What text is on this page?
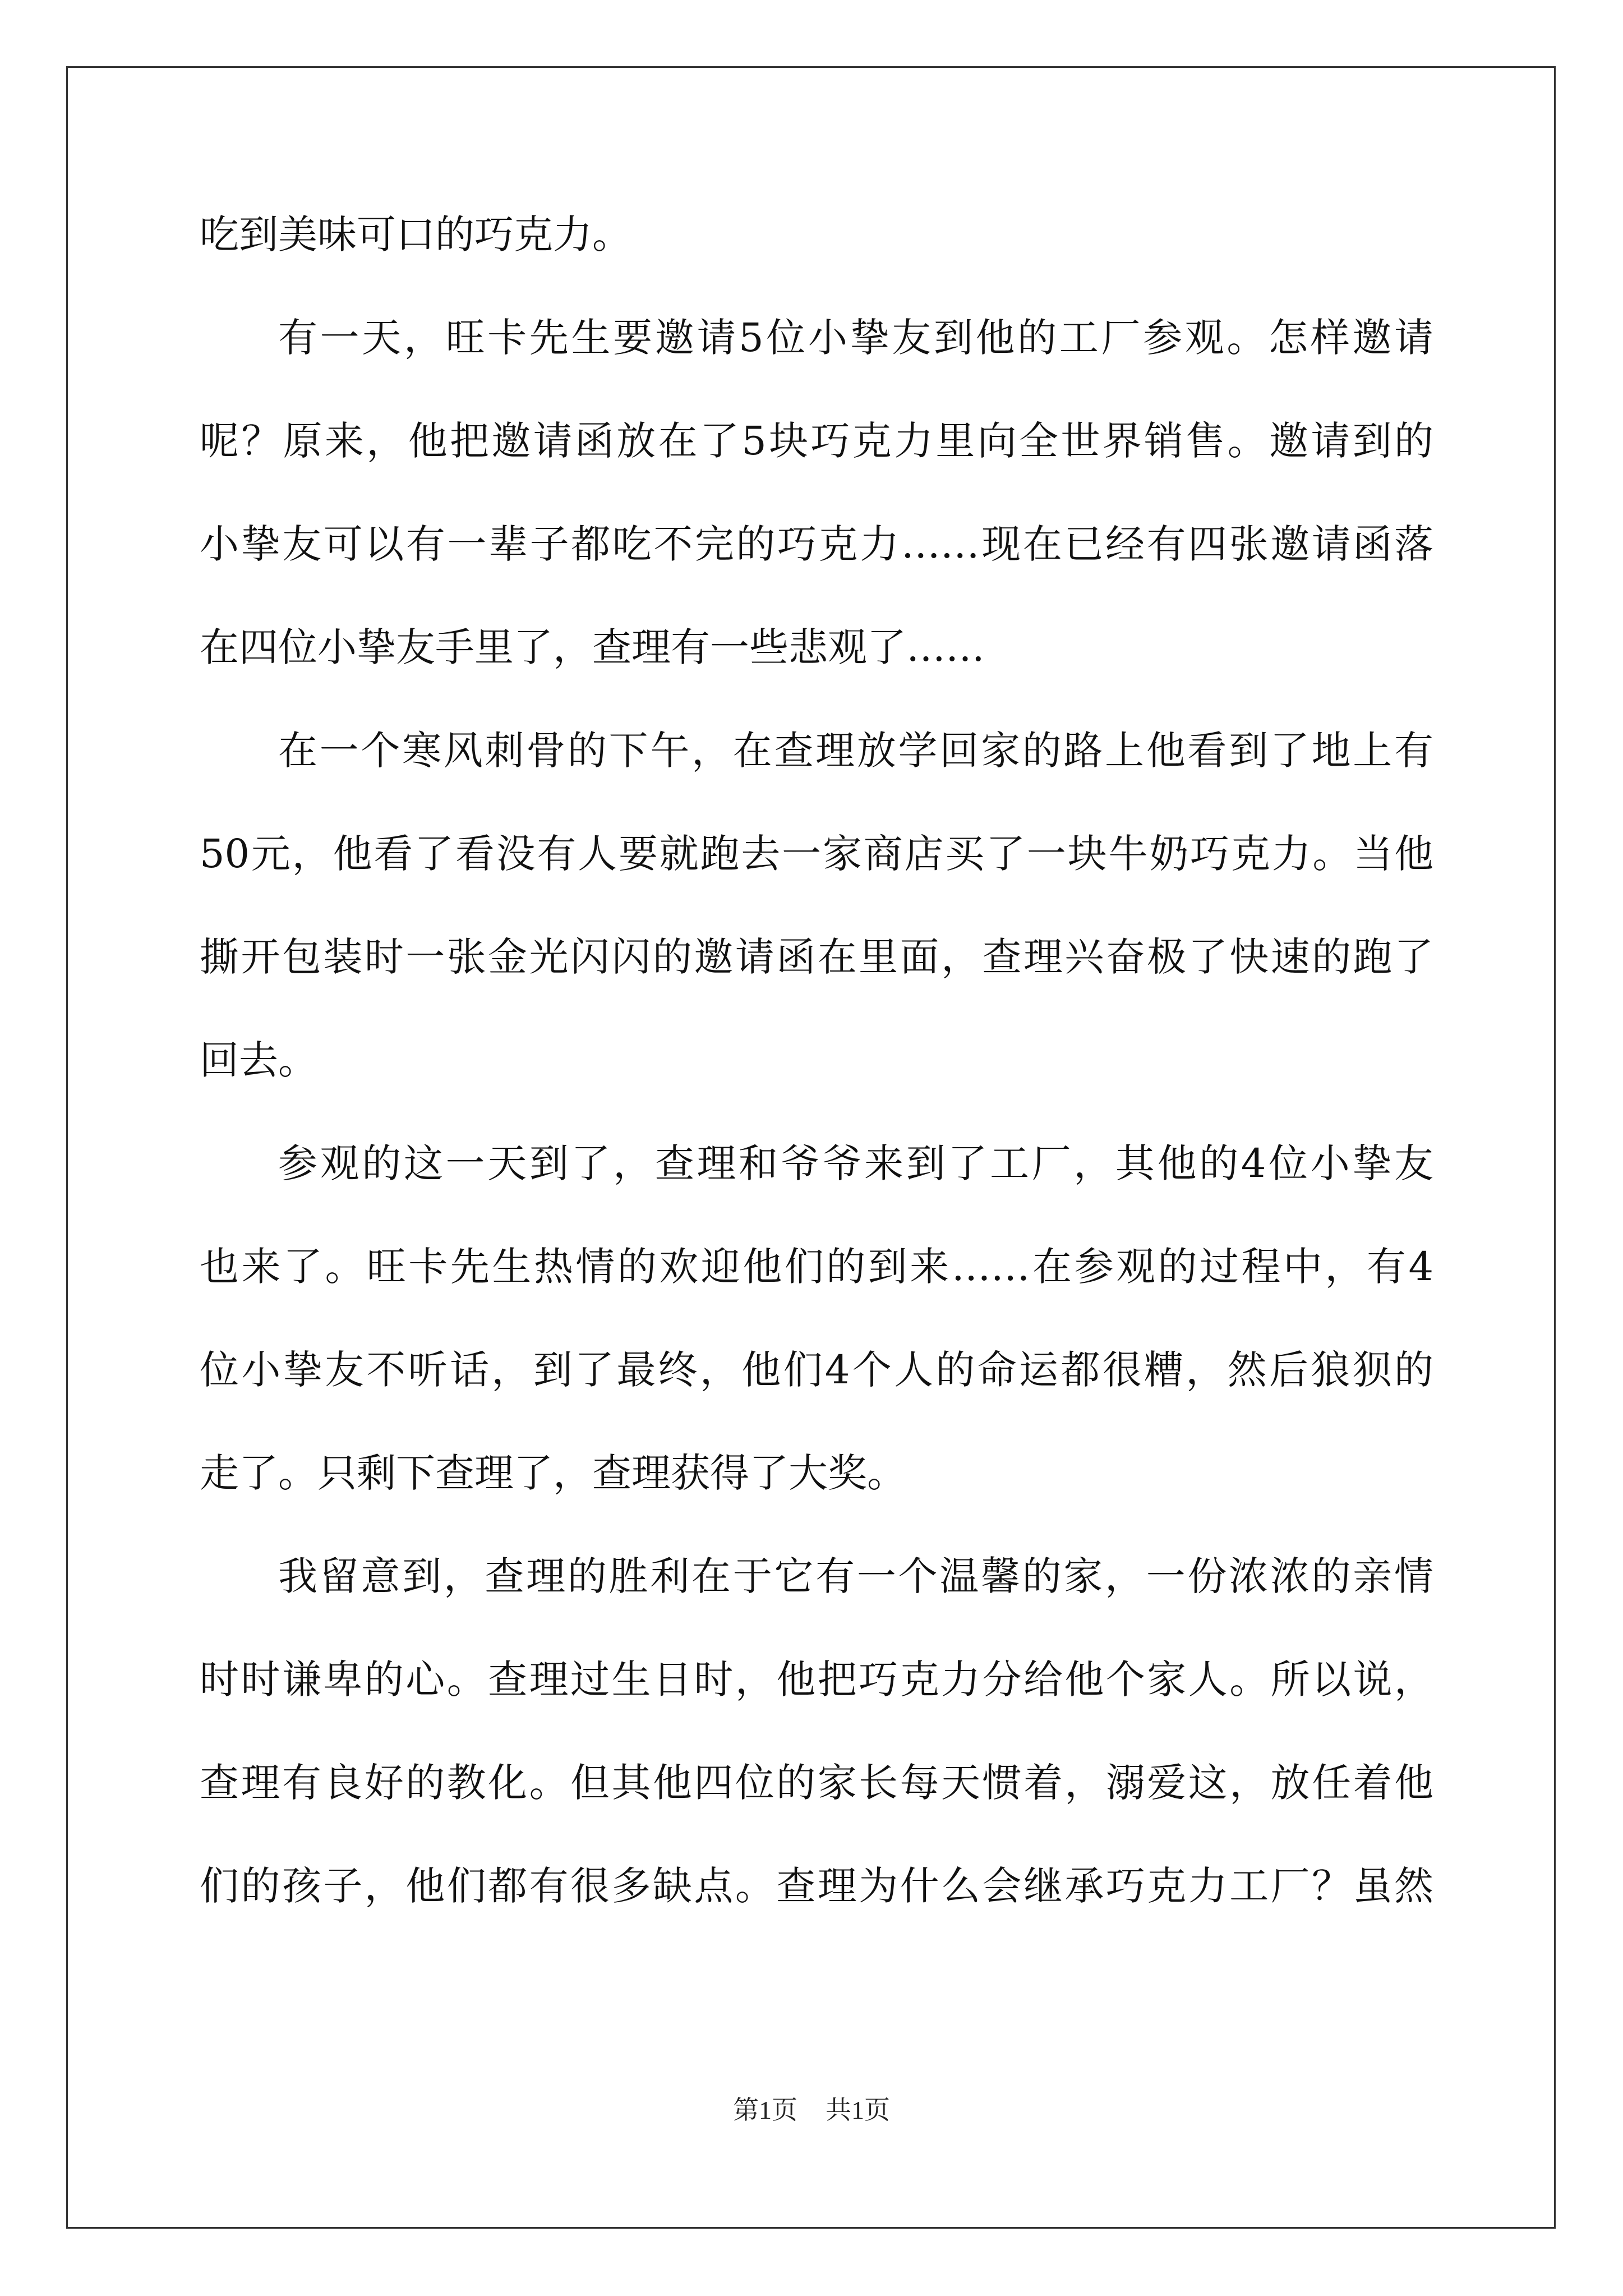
吃到美味可口的巧克力。
有一天，旺卡先生要邀请5位小挚友到他的工厂参观。怎样邀请
呢？原来，他把邀请函放在了5块巧克力里向全世界销售。邀请到的
小挚友可以有一辈子都吃不完的巧克力……现在已经有四张邀请函落
在四位小挚友手里了，查理有一些悲观了……
在一个寒风刺骨的下午，在查理放学回家的路上他看到了地上有
50元，他看了看没有人要就跑去一家商店买了一块牛奶巧克力。当他
撕开包装时一张金光闪闪的邀请函在里面，查理兴奋极了快速的跑了
回去。
参观的这一天到了，查理和爷爷来到了工厂，其他的4位小挚友
也来了。旺卡先生热情的欢迎他们的到来……在参观的过程中，有4
位小挚友不听话，到了最终，他们4个人的命运都很糟，然后狼狈的
走了。只剩下查理了，查理获得了大奖。
我留意到，查理的胜利在于它有一个温馨的家，一份浓浓的亲情
时时谦卑的心。查理过生日时，他把巧克力分给他个家人。所以说，
查理有良好的教化。但其他四位的家长每天惯着，溺爱这，放任着他
们的孩子，他们都有很多缺点。查理为什么会继承巧克力工厂？虽然
第1页 共1页
